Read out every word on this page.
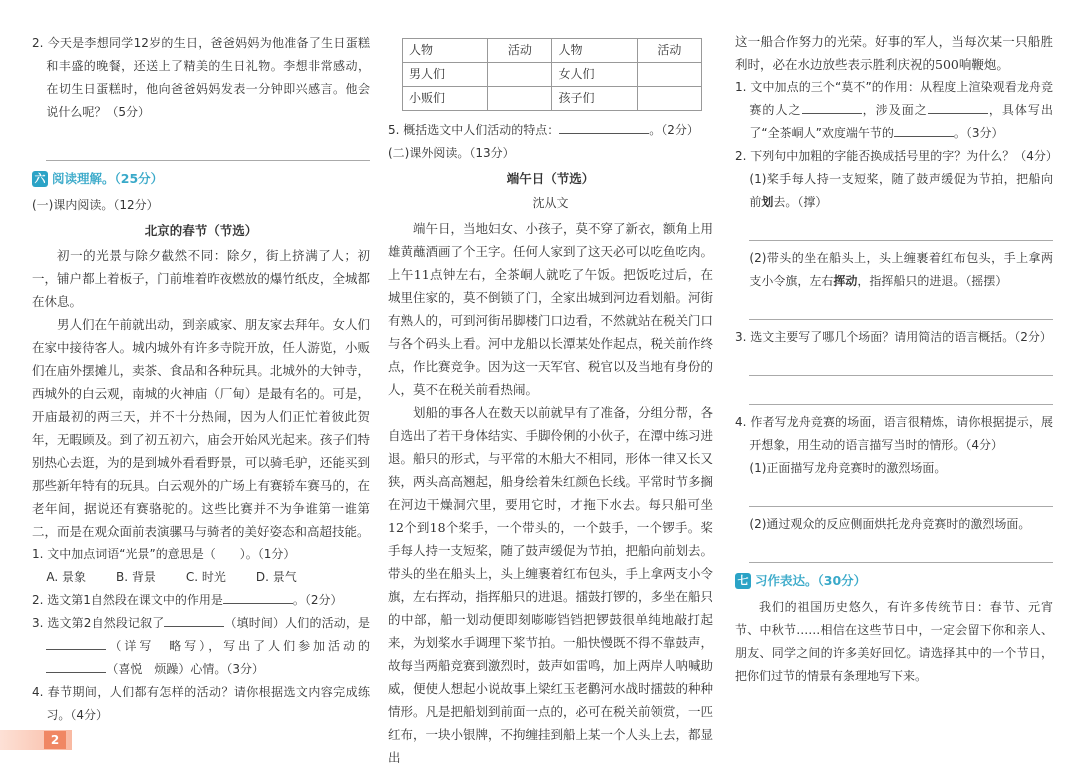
2. 今天是李想同学12岁的生日，爸爸妈妈为他准备了生日蛋糕和丰盛的晚餐，还送上了精美的生日礼物。李想非常感动，在切生日蛋糕时，他向爸爸妈妈发表一分钟即兴感言。他会说什么呢？（5分）

六 阅读理解。（25分）

(一)课内阅读。（12分）

北京的春节（节选）

初一的光景与除夕截然不同：除夕，街上挤满了人；初一，铺户都上着板子，门前堆着昨夜燃放的爆竹纸皮，全城都在休息。

男人们在午前就出动，到亲戚家、朋友家去拜年。女人们在家中接待客人。城内城外有许多寺院开放，任人游览，小贩们在庙外摆摊儿，卖茶、食品和各种玩具。北城外的大钟寺，西城外的白云观，南城的火神庙（厂甸）是最有名的。可是，开庙最初的两三天，并不十分热闹，因为人们正忙着彼此贺年，无暇顾及。到了初五初六，庙会开始风光起来。孩子们特别热心去逛，为的是到城外看看野景，可以骑毛驴，还能买到那些新年特有的玩具。白云观外的广场上有赛轿车赛马的，在老年间，据说还有赛骆驼的。这些比赛并不为争谁第一谁第二，而是在观众面前表演骡马与骑者的美好姿态和高超技能。

1. 文中加点词语“光景”的意思是（　　）。（1分）

A. 景象	B. 背景	C. 时光	D. 景气

2. 选文第1自然段在课文中的作用是	。（2分）

3. 选文第2自然段记叙了	（填时间）人们的活动，是（详写　略写），写出了人们参加活动的（喜悦　烦躁）心情。（3分）

4. 春节期间，人们都有怎样的活动？请你根据选文内容完成练习。（4分）

人物	活动	人物	活动
男人们		女人们	
小贩们		孩子们	

5. 概括选文中人们活动的特点：	。（2分）

(二)课外阅读。（13分）

端午日（节选）

沈从文

端午日，当地妇女、小孩子，莫不穿了新衣，额角上用雄黄蘸酒画了个王字。任何人家到了这天必可以吃鱼吃肉。上午11点钟左右，全茶峒人就吃了午饭。把饭吃过后，在城里住家的，莫不倒锁了门，全家出城到河边看划船。河街有熟人的，可到河街吊脚楼门口边看，不然就站在税关门口与各个码头上看。河中龙船以长潭某处作起点，税关前作终点，作比赛竞争。因为这一天军官、税官以及当地有身份的人，莫不在税关前看热闹。

划船的事各人在数天以前就早有了准备，分组分帮，各自选出了若干身体结实、手脚伶俐的小伙子，在潭中练习进退。船只的形式，与平常的木船大不相同，形体一律又长又狭，两头高高翘起，船身绘着朱红颜色长线。平常时节多搁在河边干燥洞穴里，要用它时，才拖下水去。每只船可坐12个到18个桨手，一个带头的，一个鼓手，一个锣手。桨手每人持一支短桨，随了鼓声缓促为节拍，把船向前划去。带头的坐在船头上，头上缠裹着红布包头，手上拿两支小令旗，左右挥动，指挥船只的进退。擂鼓打锣的，多坐在船只的中部，船一划动便即刻嘭嘭铛铛把锣鼓很单纯地敲打起来，为划桨水手调理下桨节拍。一船快慢既不得不靠鼓声，故每当两船竞赛到激烈时，鼓声如雷鸣，加上两岸人呐喊助威，便使人想起小说故事上梁红玉老鹳河水战时擂鼓的种种情形。凡是把船划到前面一点的，必可在税关前领赏，一匹红布，一块小银牌，不拘缠挂到船上某一个人头上去，都显出

这一船合作努力的光荣。好事的军人，当每次某一只船胜利时，必在水边放些表示胜利庆祝的500响鞭炮。

1. 文中加点的三个“莫不”的作用：从程度上渲染观看龙舟竞赛的人之	，涉及面之	，具体写出了“全茶峒人”欢度端午节的	。（3分）

2. 下列句中加粗的字能否换成括号里的字？为什么？（4分）

(1)桨手每人持一支短桨，随了鼓声缓促为节拍，把船向前划去。（撑）

(2)带头的坐在船头上，头上缠裹着红布包头，手上拿两支小令旗，左右挥动，指挥船只的进退。（摇摆）

3. 选文主要写了哪几个场面？请用简洁的语言概括。（2分）

4. 作者写龙舟竞赛的场面，语言很精炼，请你根据提示，展开想象，用生动的语言描写当时的情形。（4分）

(1)正面描写龙舟竞赛时的激烈场面。

(2)通过观众的反应侧面烘托龙舟竞赛时的激烈场面。

七 习作表达。（30分）

我们的祖国历史悠久，有许多传统节日：春节、元宵节、中秋节……相信在这些节日中，一定会留下你和亲人、朋友、同学之间的许多美好回忆。请选择其中的一个节日，把你们过节的情景有条理地写下来。

2
